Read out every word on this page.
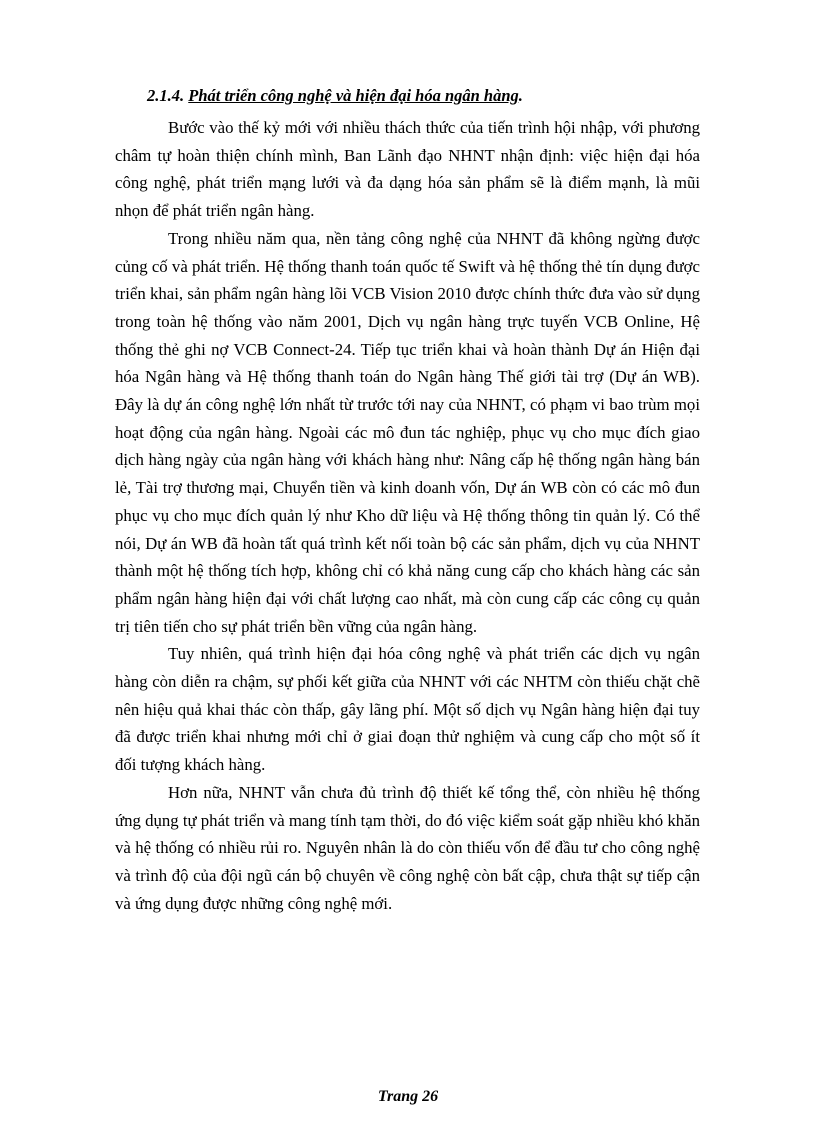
2.1.4. Phát triển công nghệ và hiện đại hóa ngân hàng.

Bước vào thế kỷ mới với nhiều thách thức của tiến trình hội nhập, với phương châm tự hoàn thiện chính mình, Ban Lãnh đạo NHNT nhận định: việc hiện đại hóa công nghệ, phát triển mạng lưới và đa dạng hóa sản phẩm sẽ là điểm mạnh, là mũi nhọn để phát triển ngân hàng.

Trong nhiều năm qua, nền tảng công nghệ của NHNT đã không ngừng được củng cố và phát triển. Hệ thống thanh toán quốc tế Swift và hệ thống thẻ tín dụng được triển khai, sản phẩm ngân hàng lõi VCB Vision 2010 được chính thức đưa vào sử dụng trong toàn hệ thống vào năm 2001, Dịch vụ ngân hàng trực tuyến VCB Online, Hệ thống thẻ ghi nợ VCB Connect-24. Tiếp tục triển khai và hoàn thành Dự án Hiện đại hóa Ngân hàng và Hệ thống thanh toán do Ngân hàng Thế giới tài trợ (Dự án WB). Đây là dự án công nghệ lớn nhất từ trước tới nay của NHNT, có phạm vi bao trùm mọi hoạt động của ngân hàng. Ngoài các mô đun tác nghiệp, phục vụ cho mục đích giao dịch hàng ngày của ngân hàng với khách hàng như: Nâng cấp hệ thống ngân hàng bán lẻ, Tài trợ thương mại, Chuyển tiền và kinh doanh vốn, Dự án WB còn có các mô đun phục vụ cho mục đích quản lý như Kho dữ liệu và Hệ thống thông tin quản lý. Có thể nói, Dự án WB đã hoàn tất quá trình kết nối toàn bộ các sản phẩm, dịch vụ của NHNT thành một hệ thống tích hợp, không chỉ có khả năng cung cấp cho khách hàng các sản phẩm ngân hàng hiện đại với chất lượng cao nhất, mà còn cung cấp các công cụ quản trị tiên tiến cho sự phát triển bền vững của ngân hàng.

Tuy nhiên, quá trình hiện đại hóa công nghệ và phát triển các dịch vụ ngân hàng còn diễn ra chậm, sự phối kết giữa của NHNT với các NHTM còn thiếu chặt chẽ nên hiệu quả khai thác còn thấp, gây lãng phí. Một số dịch vụ Ngân hàng hiện đại tuy đã được triển khai nhưng mới chỉ ở giai đoạn thử nghiệm và cung cấp cho một số ít đối tượng khách hàng.

Hơn nữa, NHNT vẫn chưa đủ trình độ thiết kế tổng thể, còn nhiều hệ thống ứng dụng tự phát triển và mang tính tạm thời, do đó việc kiểm soát gặp nhiều khó khăn và hệ thống có nhiều rủi ro. Nguyên nhân là do còn thiếu vốn để đầu tư cho công nghệ và trình độ của đội ngũ cán bộ chuyên về công nghệ còn bất cập, chưa thật sự tiếp cận và ứng dụng được những công nghệ mới.

Trang 26
